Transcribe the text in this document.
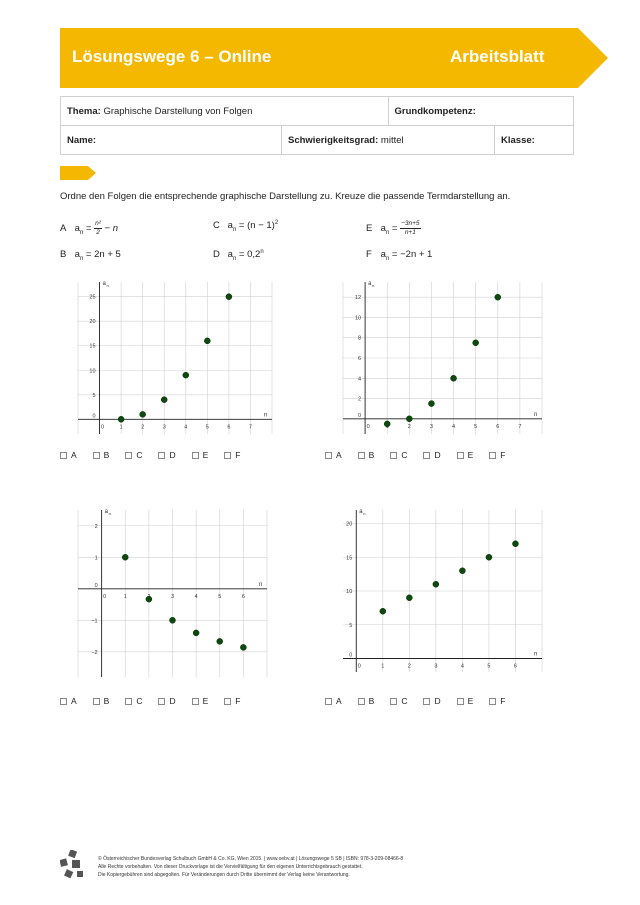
Lösungswege 6 – Online	Arbeitsblatt
Thema: Graphische Darstellung von Folgen		Grundkompetenz:	
Name:	Schwierigkeitsgrad: mittel		Klasse:
Ordne den Folgen die entsprechende graphische Darstellung zu. Kreuze die passende Termdarstellung an.
A $a_n = \frac{\text{n²}}{2} - n$	C $a_n = (n - 1)^2$
E $a_n = \frac{-3n+5}{n+1}$
B $a_n = 2n + 5$	D $a_n = 0,2^n$	F $a_n = -2n + 1$
0	1	2	3	4	5	6	7
0
5
10
15
20
25
n
a n
0	2	3	4	5	6	7
0
2
4
6
8
10
12
n
a n
0	1	3	4	5	6
−2
−1
0
1
2
n
a n
0	1	2	3	4	5	6
0
5
10
15
20
n
a n
A	B	C	D	E	F	A	B	C	D	E	F
A	B	C	D	E	F	A	B	C	D	E	F
© Österreichischer Bundesverlag Schulbuch GmbH & Co. KG, Wien 2015. | www.oebv.at | Lösungswege 5 SB | ISBN: 978-3-209-08466-8
Alle Rechte vorbehalten. Von dieser Druckvorlage ist die Vervielfältigung für den eigenen Unterrichtsgebrauch gestattet.
Die Kopiergebühren sind abgegolten. Für Veränderungen durch Dritte übernimmt der Verlag keine Verantwortung.
